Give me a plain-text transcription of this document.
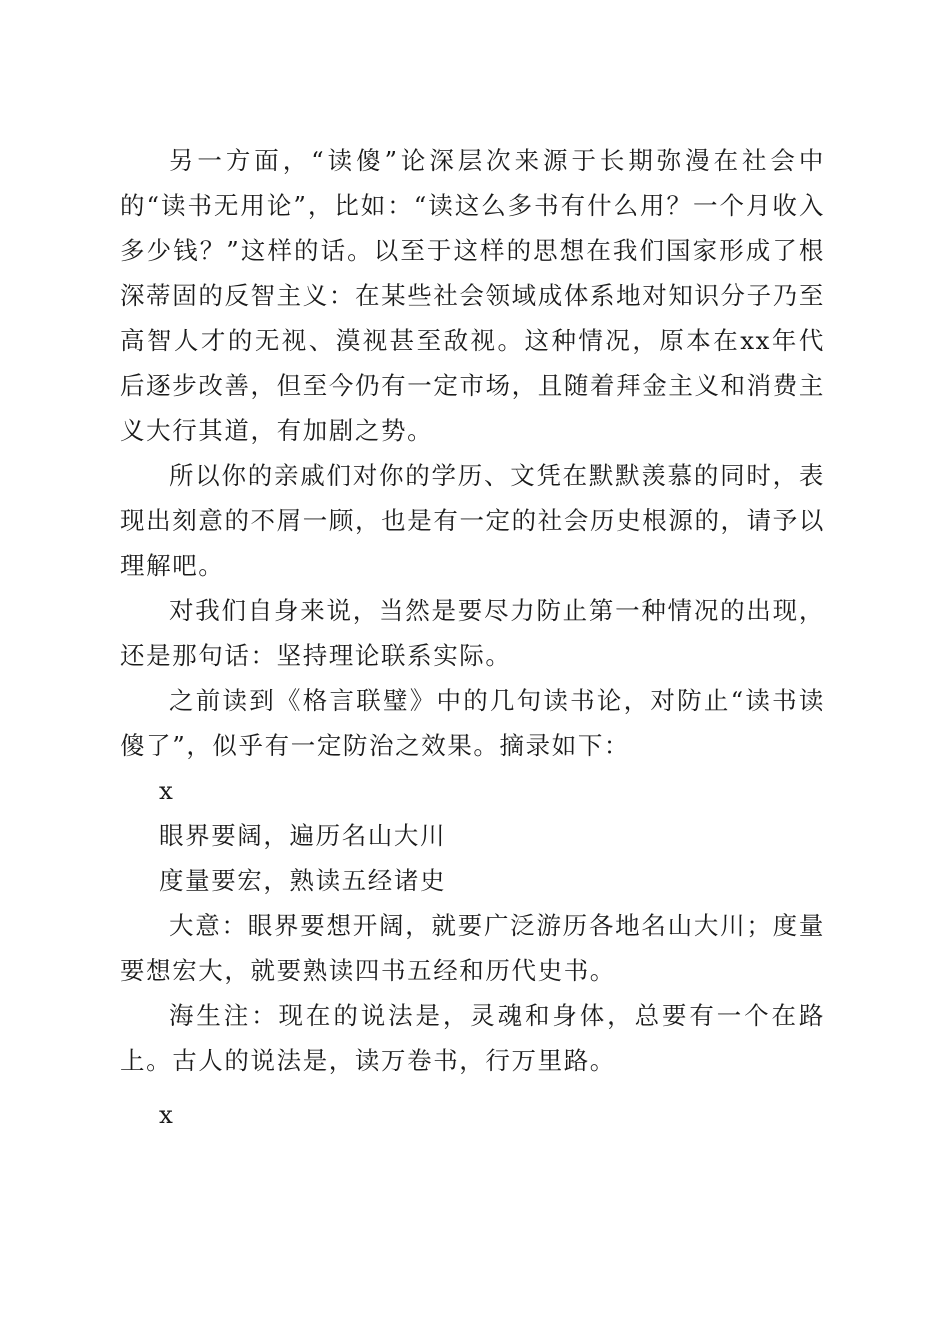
另一方面，“读傻”论深层次来源于长期弥漫在社会中的“读书无用论”，比如：“读这么多书有什么用？一个月收入多少钱？”这样的话。以至于这样的思想在我们国家形成了根深蒂固的反智主义：在某些社会领域成体系地对知识分子乃至高智人才的无视、漠视甚至敌视。这种情况，原本在xx年代后逐步改善，但至今仍有一定市场，且随着拜金主义和消费主义大行其道，有加剧之势。

所以你的亲戚们对你的学历、文凭在默默羡慕的同时，表现出刻意的不屑一顾，也是有一定的社会历史根源的，请予以理解吧。

对我们自身来说，当然是要尽力防止第一种情况的出现，还是那句话：坚持理论联系实际。

之前读到《格言联璧》中的几句读书论，对防止“读书读傻了”，似乎有一定防治之效果。摘录如下：

x

眼界要阔，遍历名山大川

度量要宏，熟读五经诸史

大意：眼界要想开阔，就要广泛游历各地名山大川；度量要想宏大，就要熟读四书五经和历代史书。

海生注：现在的说法是，灵魂和身体，总要有一个在路上。古人的说法是，读万卷书，行万里路。

x
